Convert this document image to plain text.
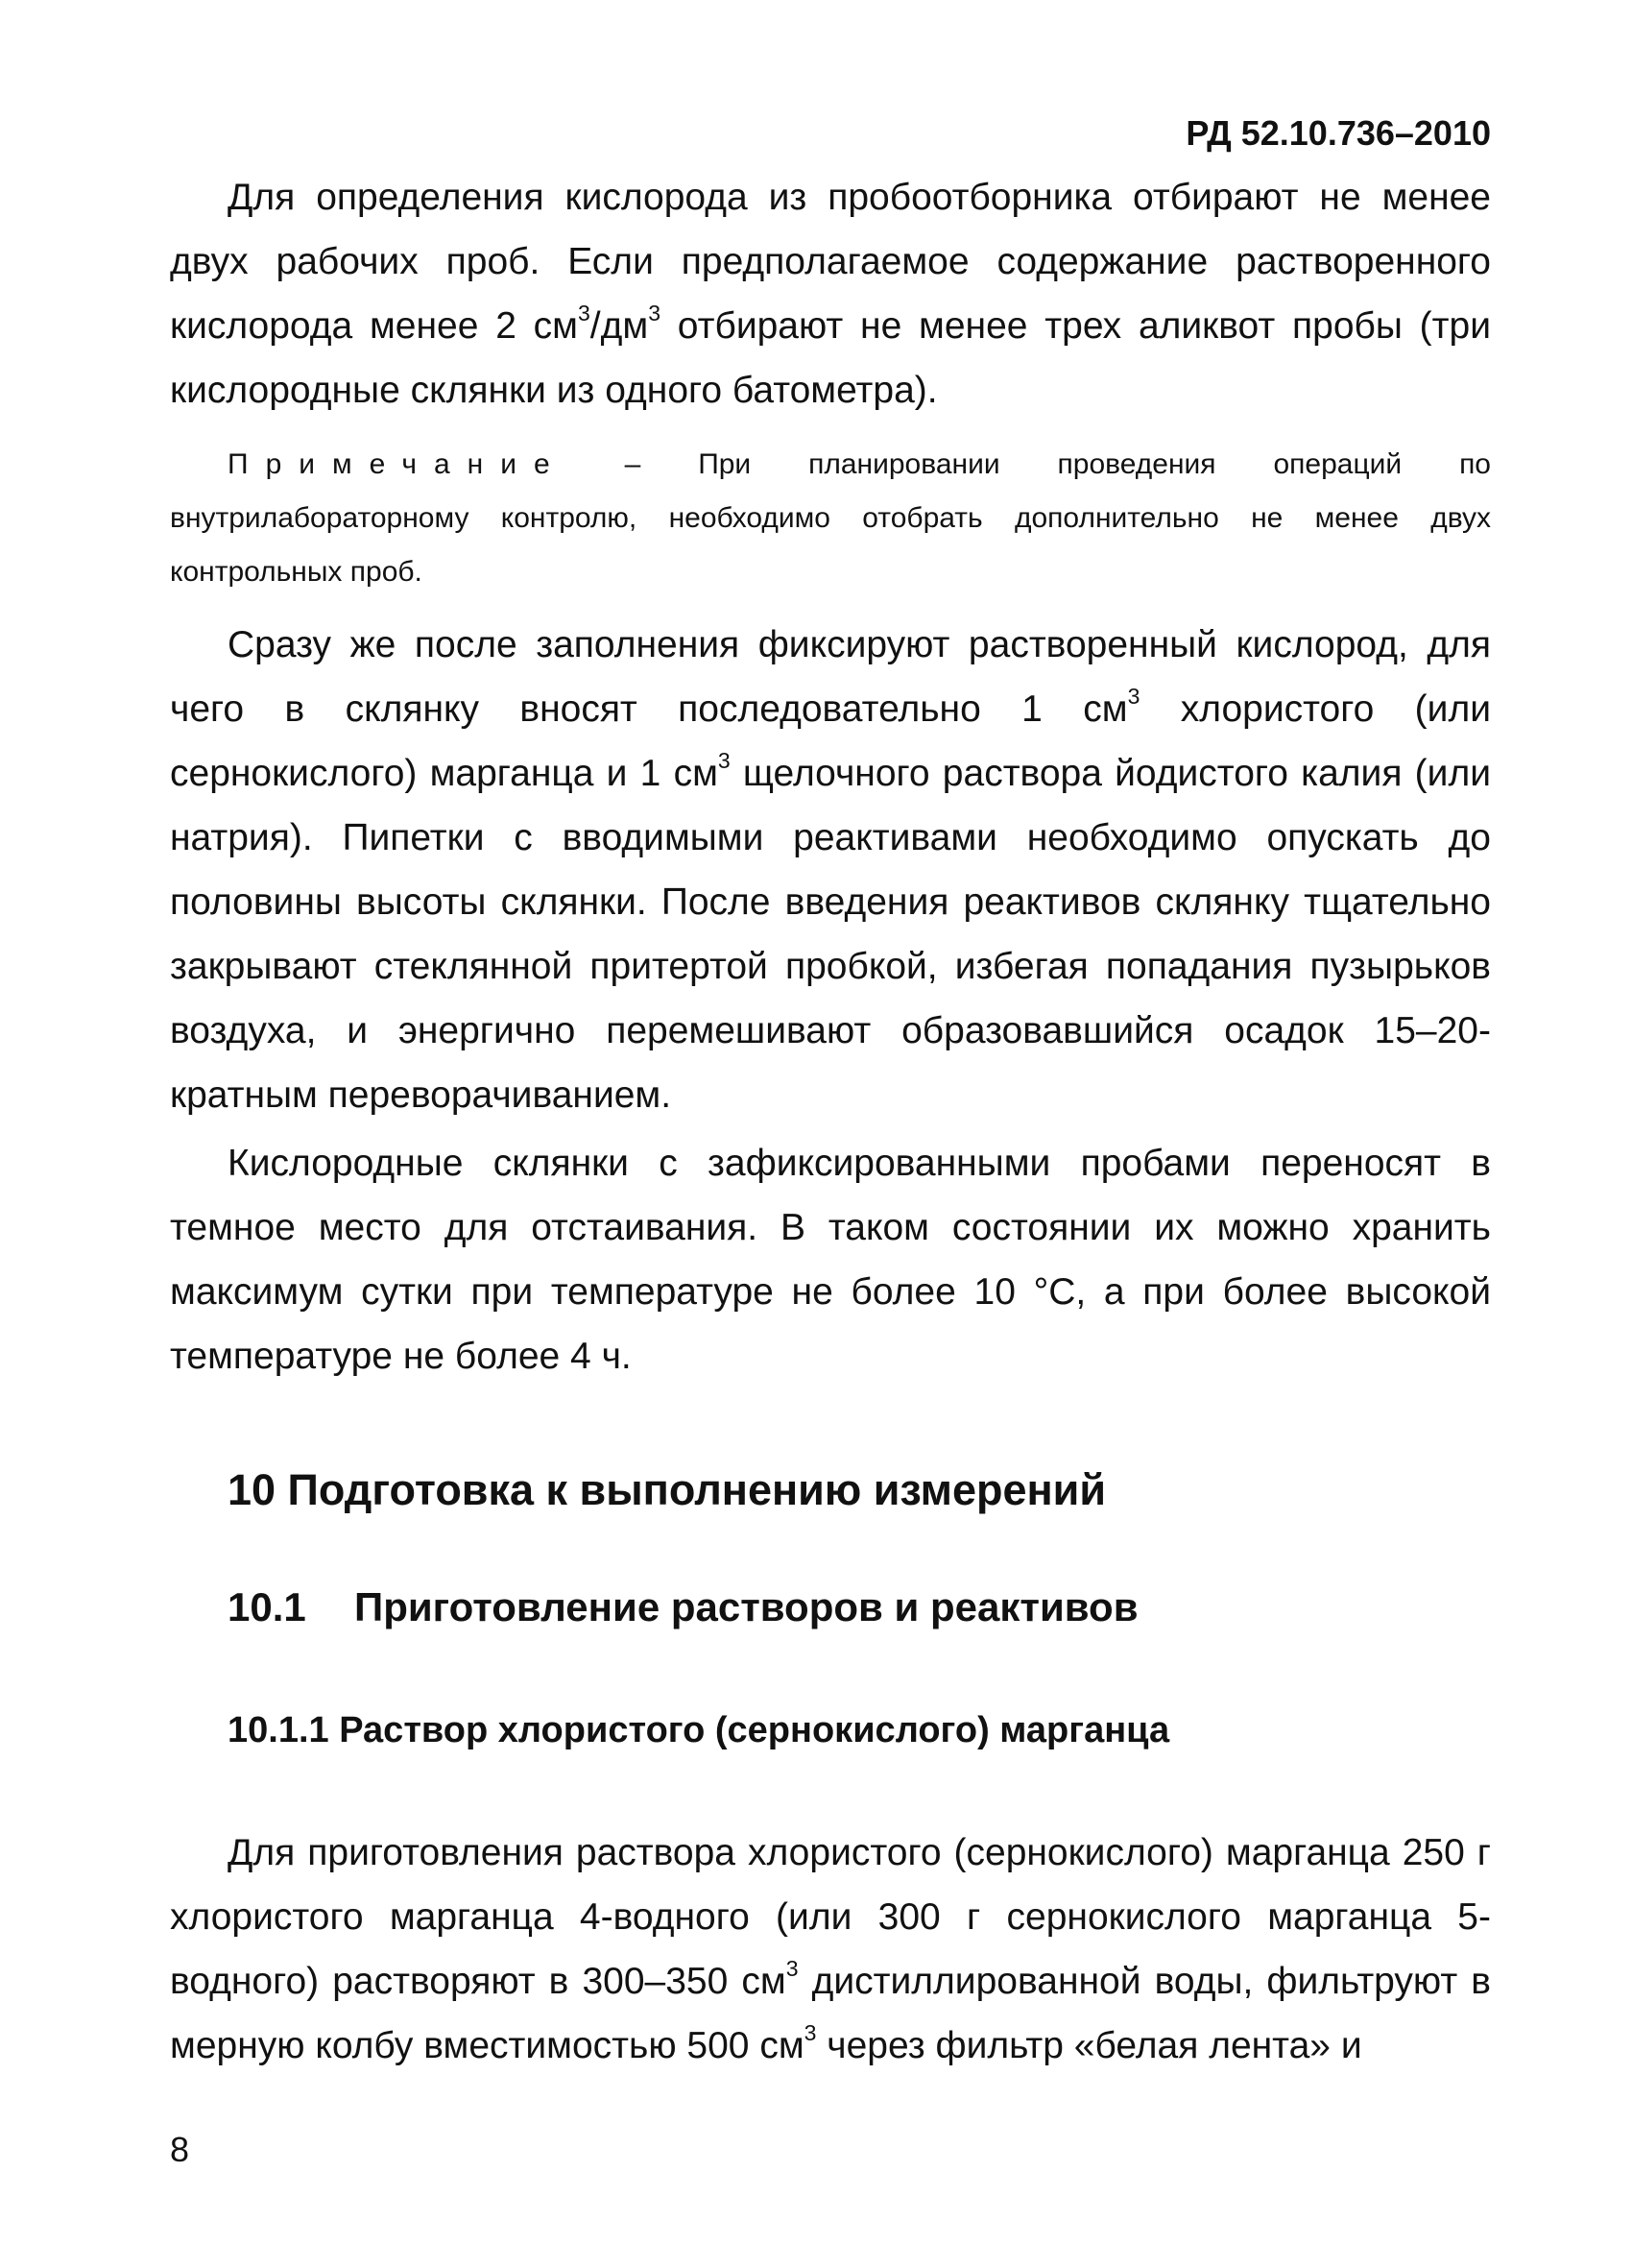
РД 52.10.736–2010

Для определения кислорода из пробоотборника отбирают не менее двух рабочих проб. Если предполагаемое содержание растворенного кислорода менее 2 $см^3/дм^3$ отбирают не менее трех аликвот пробы (три кислородные склянки из одного батометра).

Примечание – При планировании проведения операций по внутрилабораторному контролю, необходимо отобрать дополнительно не менее двух контрольных проб.

Сразу же после заполнения фиксируют растворенный кислород, для чего в склянку вносят последовательно 1 $см^3$ хлористого (или сернокислого) марганца и 1 $см^3$ щелочного раствора йодистого калия (или натрия). Пипетки с вводимыми реактивами необходимо опускать до половины высоты склянки. После введения реактивов склянку тщательно закрывают стеклянной притертой пробкой, избегая попадания пузырьков воздуха, и энергично перемешивают образовавшийся осадок 15–20-кратным переворачиванием.

Кислородные склянки с зафиксированными пробами переносят в темное место для отстаивания. В таком состоянии их можно хранить максимум сутки при температуре не более 10 °С, а при более высокой температуре не более 4 ч.

10 Подготовка к выполнению измерений
10.1 Приготовление растворов и реактивов
10.1.1 Раствор хлористого (сернокислого) марганца

Для приготовления раствора хлористого (сернокислого) марганца 250 г хлористого марганца 4-водного (или 300 г сернокислого марганца 5-водного) растворяют в 300–350 $см^3$ дистиллированной воды, фильтруют в мерную колбу вместимостью 500 $см^3$ через фильтр «белая лента» и

8
